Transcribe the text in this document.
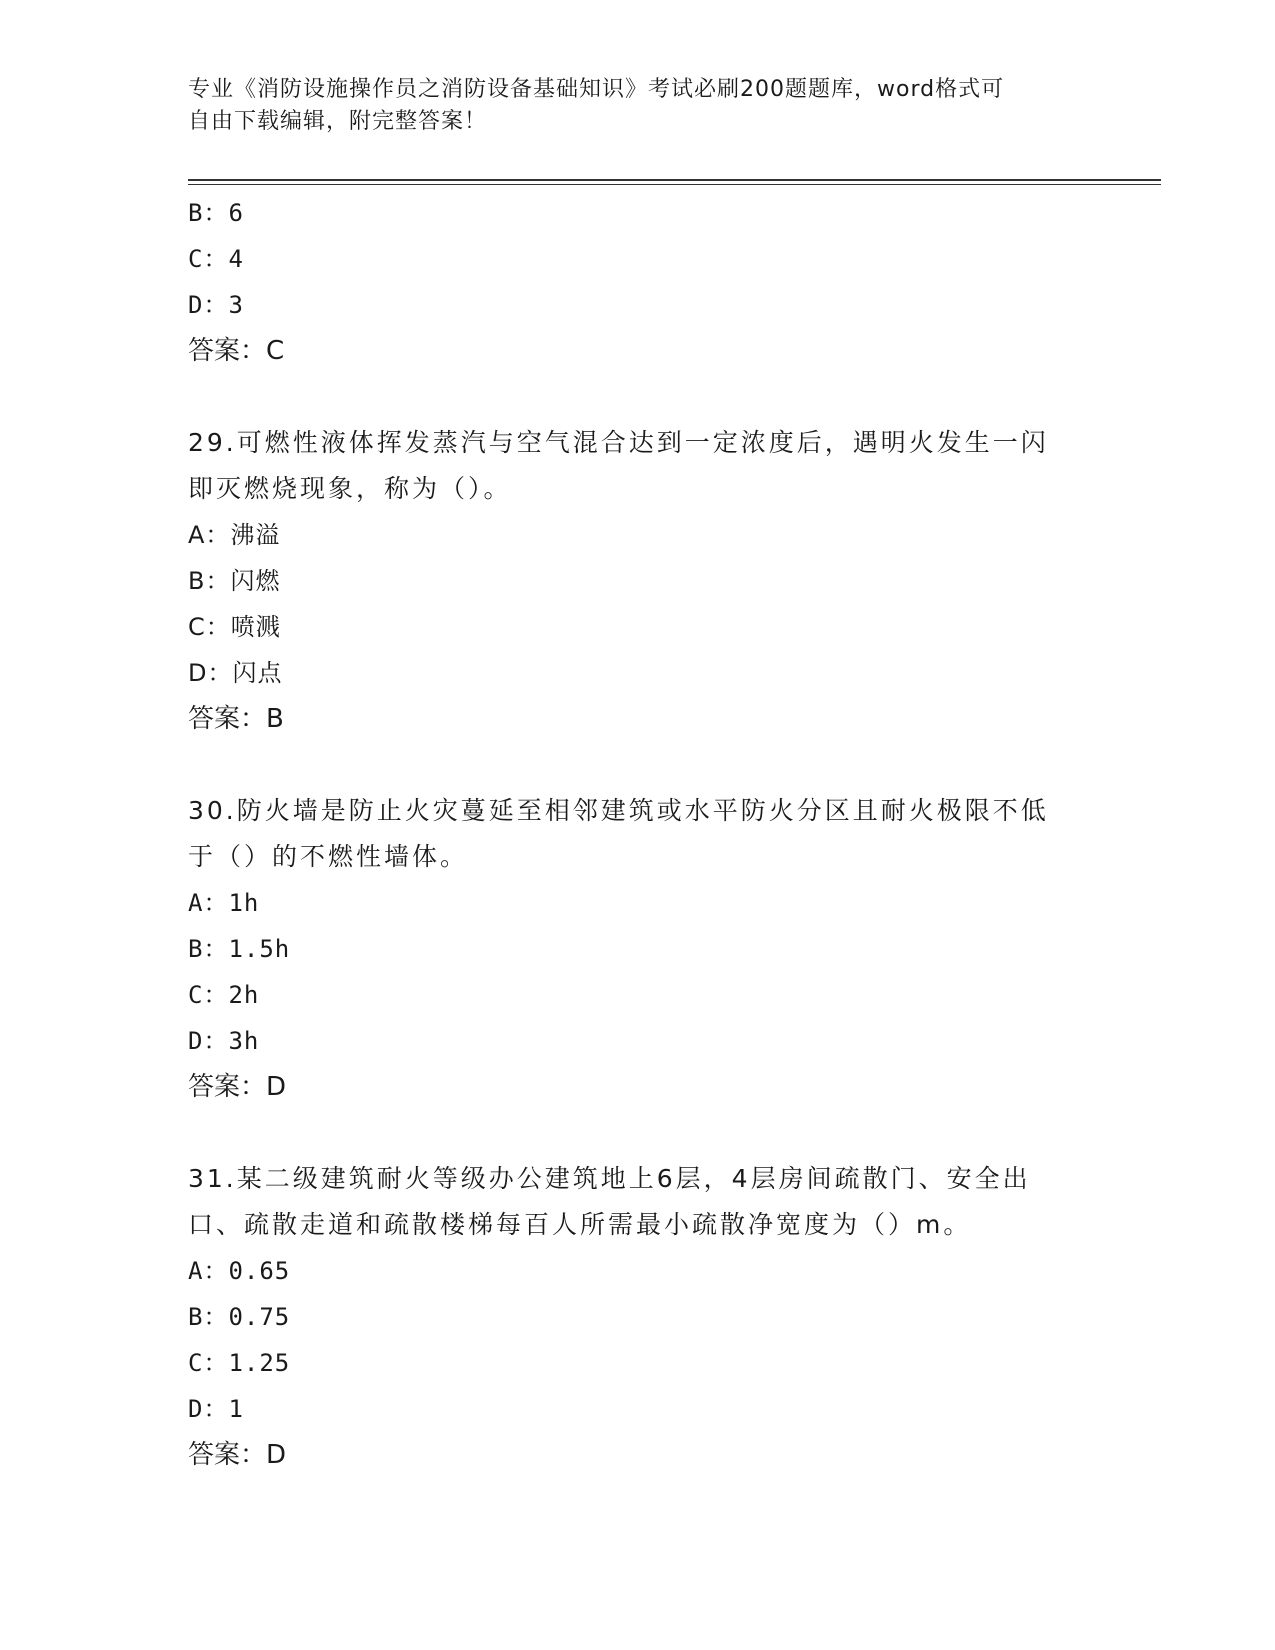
专业《消防设施操作员之消防设备基础知识》考试必刷200题题库，word格式可
自由下载编辑，附完整答案！
B：6
C：4
D：3
答案：C
29.可燃性液体挥发蒸汽与空气混合达到一定浓度后，遇明火发生一闪
即灭燃烧现象，称为（）。
A：沸溢
B：闪燃
C：喷溅
D：闪点
答案：B
30.防火墙是防止火灾蔓延至相邻建筑或水平防火分区且耐火极限不低
于（）的不燃性墙体。
A：1h
B：1.5h
C：2h
D：3h
答案：D
31.某二级建筑耐火等级办公建筑地上6层，4层房间疏散门、安全出
口、疏散走道和疏散楼梯每百人所需最小疏散净宽度为（）m。
A：0.65
B：0.75
C：1.25
D：1
答案：D
